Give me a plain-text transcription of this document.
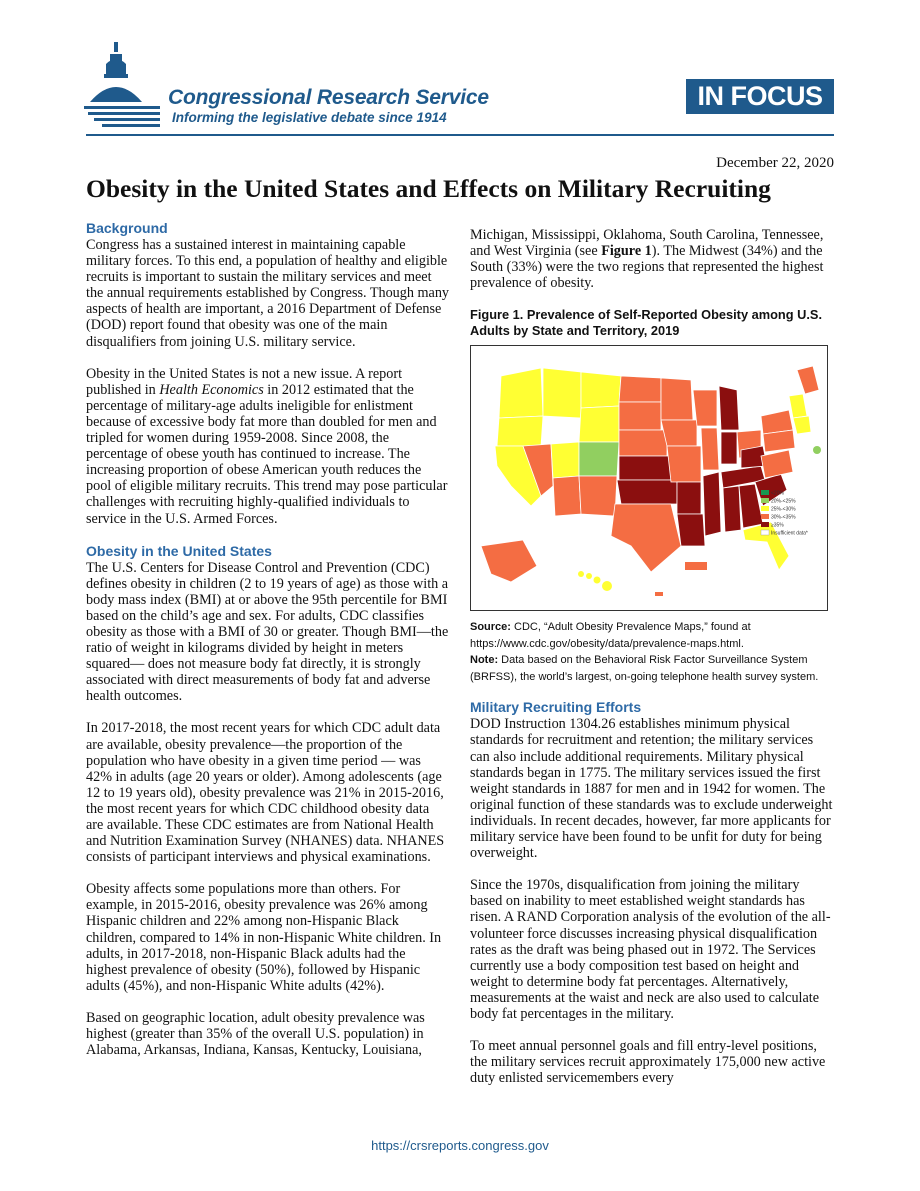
Congressional Research Service
Informing the legislative debate since 1914
IN FOCUS
December 22, 2020
Obesity in the United States and Effects on Military Recruiting
Background

Congress has a sustained interest in maintaining capable military forces. To this end, a population of healthy and eligible recruits is important to sustain the military services and meet the annual requirements established by Congress. Though many aspects of health are important, a 2016 Department of Defense (DOD) report found that obesity was one of the main disqualifiers from joining U.S. military service.

Obesity in the United States is not a new issue. A report published in Health Economics in 2012 estimated that the percentage of military-age adults ineligible for enlistment because of excessive body fat more than doubled for men and tripled for women during 1959-2008. Since 2008, the percentage of obese youth has continued to increase. The increasing proportion of obese American youth reduces the pool of eligible military recruits. This trend may pose particular challenges with recruiting highly-qualified individuals to service in the U.S. Armed Forces.

Obesity in the United States

The U.S. Centers for Disease Control and Prevention (CDC) defines obesity in children (2 to 19 years of age) as those with a body mass index (BMI) at or above the 95th percentile for BMI based on the child’s age and sex. For adults, CDC classifies obesity as those with a BMI of 30 or greater. Though BMI—the ratio of weight in kilograms divided by height in meters squared— does not measure body fat directly, it is strongly associated with direct measurements of body fat and adverse health outcomes.

In 2017-2018, the most recent years for which CDC adult data are available, obesity prevalence—the proportion of the population who have obesity in a given time period — was 42% in adults (age 20 years or older). Among adolescents (age 12 to 19 years old), obesity prevalence was 21% in 2015-2016, the most recent years for which CDC childhood obesity data are available. These CDC estimates are from National Health and Nutrition Examination Survey (NHANES) data. NHANES consists of participant interviews and physical examinations.

Obesity affects some populations more than others. For example, in 2015-2016, obesity prevalence was 26% among Hispanic children and 22% among non-Hispanic Black children, compared to 14% in non-Hispanic White children. In adults, in 2017-2018, non-Hispanic Black adults had the highest prevalence of obesity (50%), followed by Hispanic adults (45%), and non-Hispanic White adults (42%).

Based on geographic location, adult obesity prevalence was highest (greater than 35% of the overall U.S. population) in Alabama, Arkansas, Indiana, Kansas, Kentucky, Louisiana,

Michigan, Mississippi, Oklahoma, South Carolina, Tennessee, and West Virginia (see Figure 1). The Midwest (34%) and the South (33%) were the two regions that represented the highest prevalence of obesity.

Figure 1. Prevalence of Self-Reported Obesity among U.S. Adults by State and Territory, 2019
<20%
20%-<25%
25%-<30%
30%-<35%
≥35%
Insufficient data*
Source: CDC, “Adult Obesity Prevalence Maps,” found at https://www.cdc.gov/obesity/data/prevalence-maps.html.
Note: Data based on the Behavioral Risk Factor Surveillance System (BRFSS), the world’s largest, on-going telephone health survey system.
Military Recruiting Efforts

DOD Instruction 1304.26 establishes minimum physical standards for recruitment and retention; the military services can also include additional requirements. Military physical standards began in 1775. The military services issued the first weight standards in 1887 for men and in 1942 for women. The original function of these standards was to exclude underweight individuals. In recent decades, however, far more applicants for military service have been found to be unfit for duty for being overweight.

Since the 1970s, disqualification from joining the military based on inability to meet established weight standards has risen. A RAND Corporation analysis of the evolution of the all-volunteer force discusses increasing physical disqualification rates as the draft was being phased out in 1972. The Services currently use a body composition test based on height and weight to determine body fat percentages. Alternatively, measurements at the waist and neck are also used to calculate body fat percentages in the military.

To meet annual personnel goals and fill entry-level positions, the military services recruit approximately 175,000 new active duty enlisted servicemembers every

https://crsreports.congress.gov
